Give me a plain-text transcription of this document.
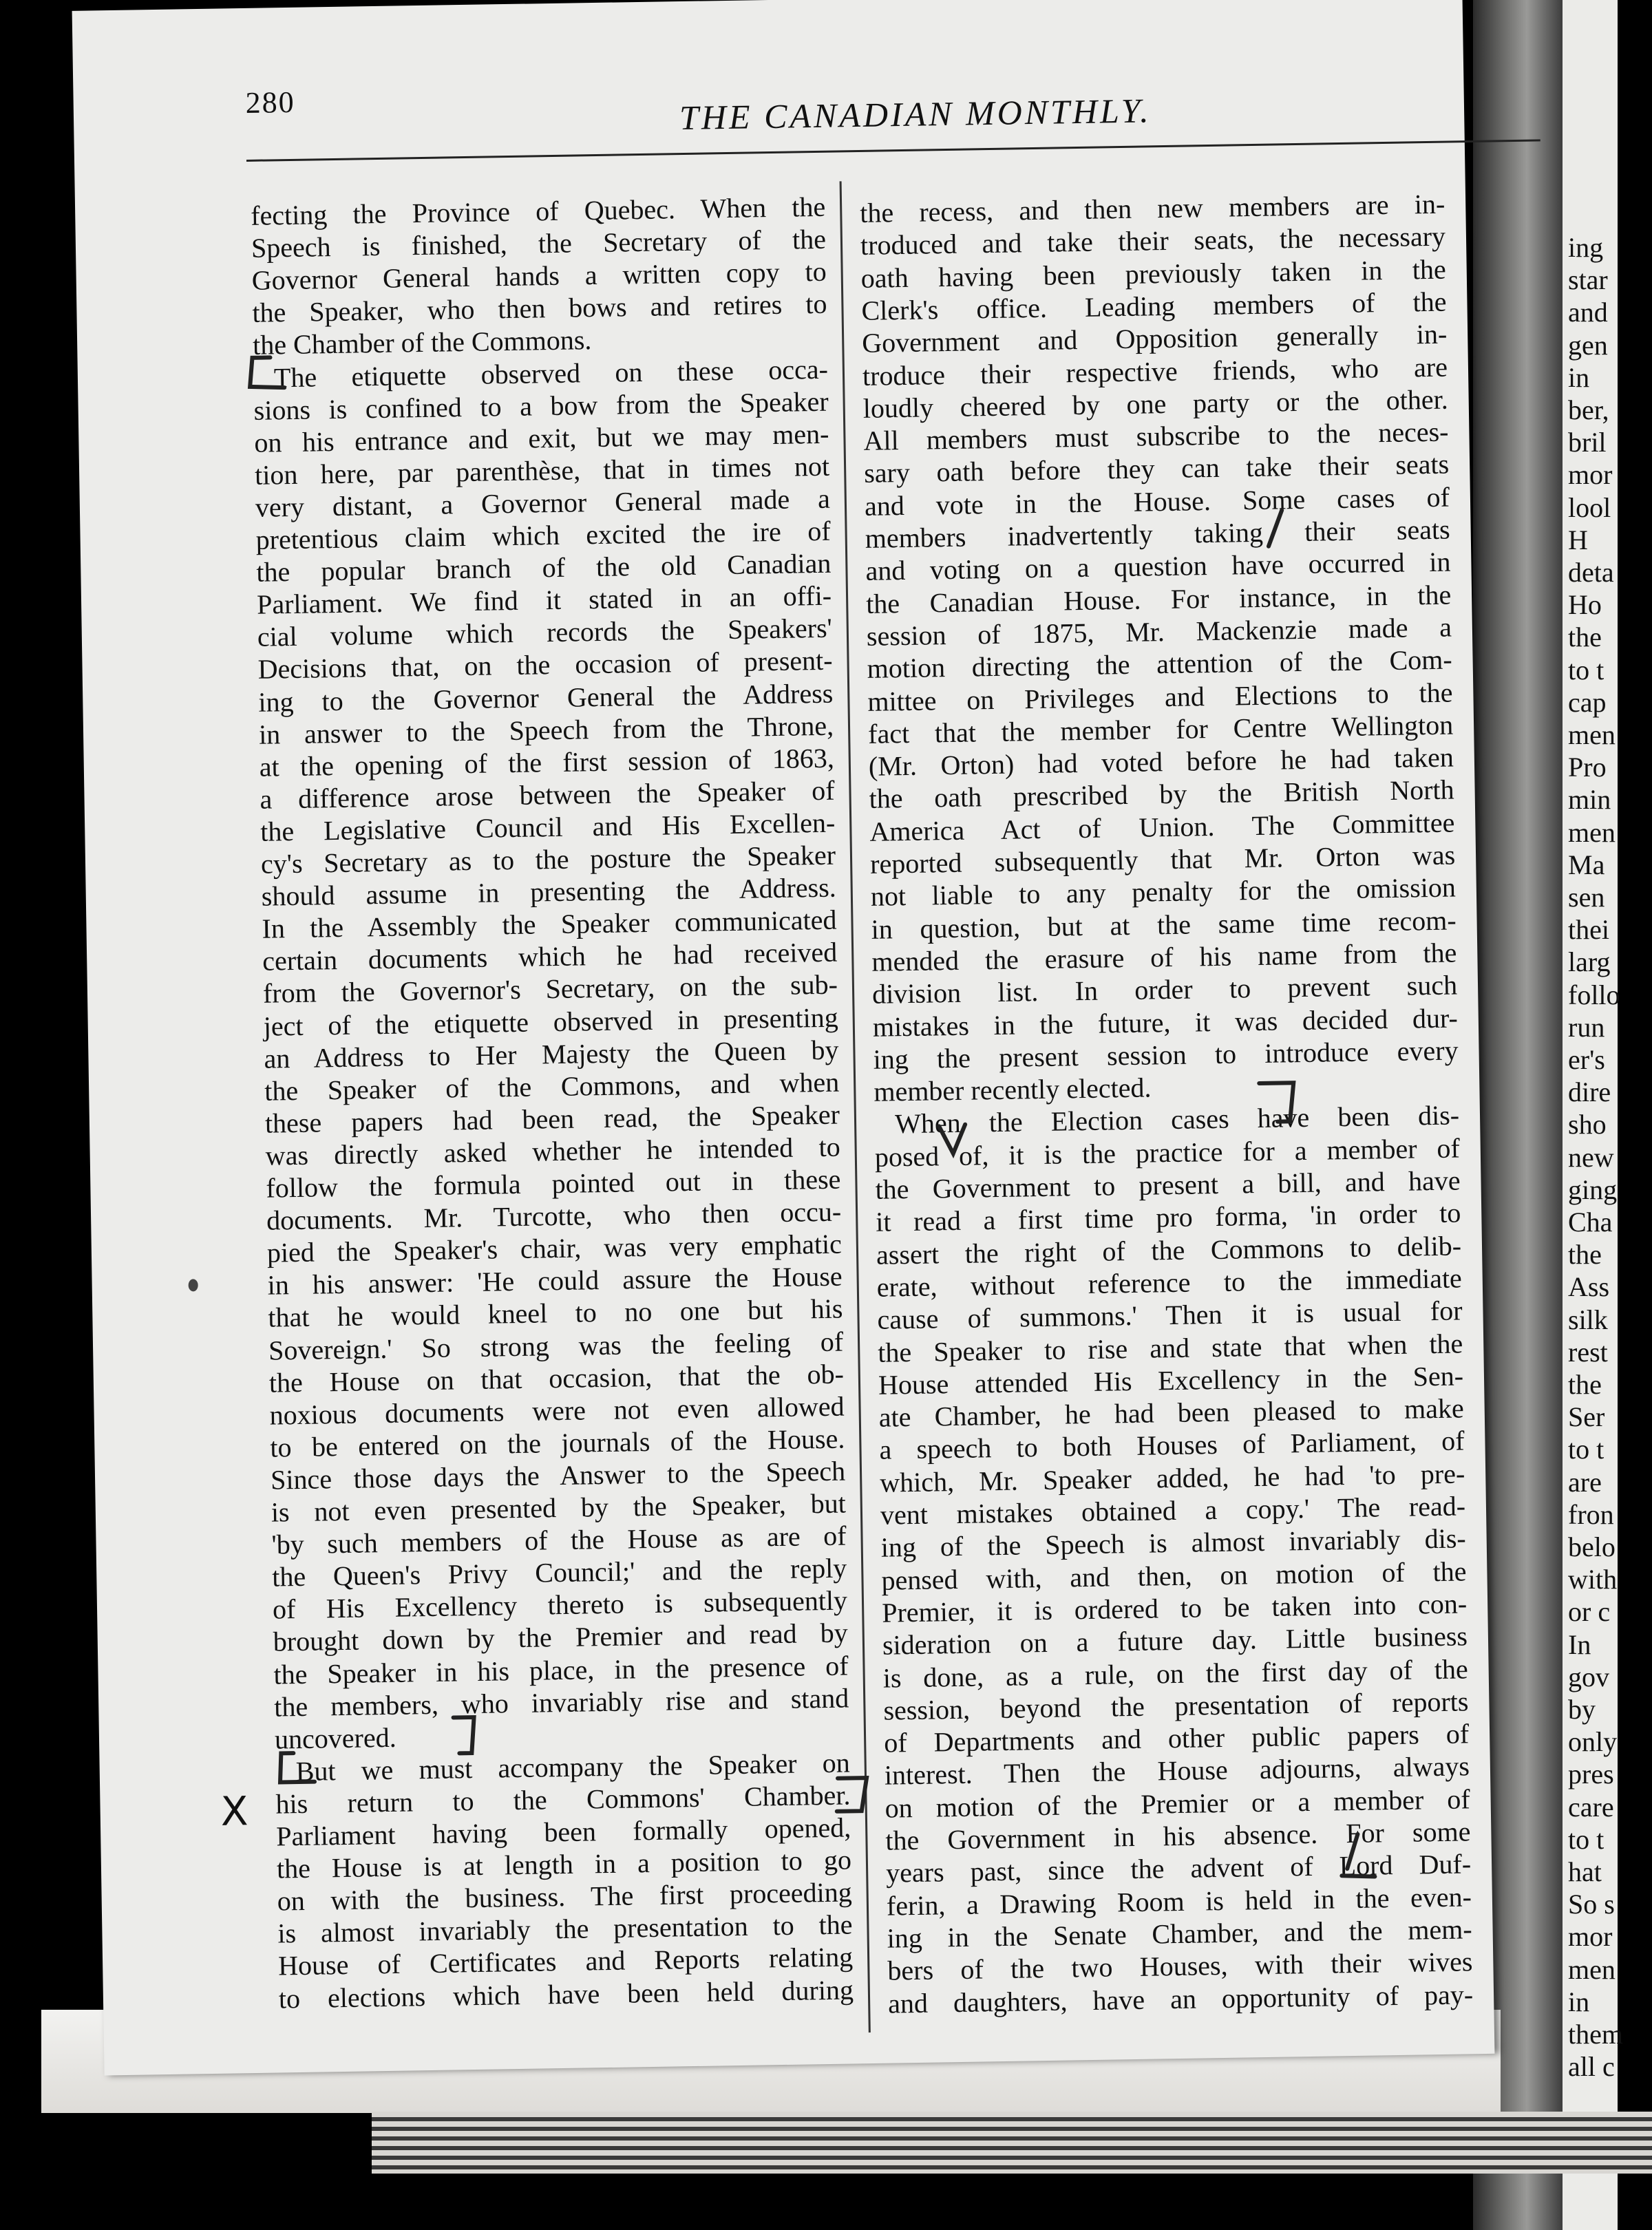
ing
star
and
gen
in
ber,
bril
mor
lool
H
deta
Ho
the
to t
cap
men
Pro
min
men
Ma
sen
thei
larg
follo
run
er's
dire
sho
new
ging
Cha
the
Ass
silk
rest
the
Ser
to t
are
fron
belo
with
or c
In
gov
by
only
pres
care
to t
hat
So s
mor
men
in
them
all c
280	THE CANADIAN MONTHLY.
fecting the Province of Quebec. When the
Speech is finished, the Secretary of the
Governor General hands a written copy to
the Speaker, who then bows and retires to
the Chamber of the Commons.
The etiquette observed on these occa-
sions is confined to a bow from the Speaker
on his entrance and exit, but we may men-
tion here, par parenthèse, that in times not
very distant, a Governor General made a
pretentious claim which excited the ire of
the popular branch of the old Canadian
Parliament. We find it stated in an offi-
cial volume which records the Speakers'
Decisions that, on the occasion of present-
ing to the Governor General the Address
in answer to the Speech from the Throne,
at the opening of the first session of 1863,
a difference arose between the Speaker of
the Legislative Council and His Excellen-
cy's Secretary as to the posture the Speaker
should assume in presenting the Address.
In the Assembly the Speaker communicated
certain documents which he had received
from the Governor's Secretary, on the sub-
ject of the etiquette observed in presenting
an Address to Her Majesty the Queen by
the Speaker of the Commons, and when
these papers had been read, the Speaker
was directly asked whether he intended to
follow the formula pointed out in these
documents. Mr. Turcotte, who then occu-
pied the Speaker's chair, was very emphatic
in his answer: 'He could assure the House
that he would kneel to no one but his
Sovereign.' So strong was the feeling of
the House on that occasion, that the ob-
noxious documents were not even allowed
to be entered on the journals of the House.
Since those days the Answer to the Speech
is not even presented by the Speaker, but
'by such members of the House as are of
the Queen's Privy Council;' and the reply
of His Excellency thereto is subsequently
brought down by the Premier and read by
the Speaker in his place, in the presence of
the members, who invariably rise and stand
uncovered.
But we must accompany the Speaker on
his return to the Commons' Chamber.
Parliament having been formally opened,
the House is at length in a position to go
on with the business. The first proceeding
is almost invariably the presentation to the
House of Certificates and Reports relating
to elections which have been held during
the recess, and then new members are in-
troduced and take their seats, the necessary
oath having been previously taken in the
Clerk's office. Leading members of the
Government and Opposition generally in-
troduce their respective friends, who are
loudly cheered by one party or the other.
All members must subscribe to the neces-
sary oath before they can take their seats
and vote in the House. Some cases of
members inadvertently taking their seats
and voting on a question have occurred in
the Canadian House. For instance, in the
session of 1875, Mr. Mackenzie made a
motion directing the attention of the Com-
mittee on Privileges and Elections to the
fact that the member for Centre Wellington
(Mr. Orton) had voted before he had taken
the oath prescribed by the British North
America Act of Union. The Committee
reported subsequently that Mr. Orton was
not liable to any penalty for the omission
in question, but at the same time recom-
mended the erasure of his name from the
division list. In order to prevent such
mistakes in the future, it was decided dur-
ing the present session to introduce every
member recently elected.
When the Election cases have been dis-
posed of, it is the practice for a member of
the Government to present a bill, and have
it read a first time pro forma, 'in order to
assert the right of the Commons to delib-
erate, without reference to the immediate
cause of summons.' Then it is usual for
the Speaker to rise and state that when the
House attended His Excellency in the Sen-
ate Chamber, he had been pleased to make
a speech to both Houses of Parliament, of
which, Mr. Speaker added, he had 'to pre-
vent mistakes obtained a copy.' The read-
ing of the Speech is almost invariably dis-
pensed with, and then, on motion of the
Premier, it is ordered to be taken into con-
sideration on a future day. Little business
is done, as a rule, on the first day of the
session, beyond the presentation of reports
of Departments and other public papers of
interest. Then the House adjourns, always
on motion of the Premier or a member of
the Government in his absence. For some
years past, since the advent of Lord Duf-
ferin, a Drawing Room is held in the even-
ing in the Senate Chamber, and the mem-
bers of the two Houses, with their wives
and daughters, have an opportunity of pay-
X
